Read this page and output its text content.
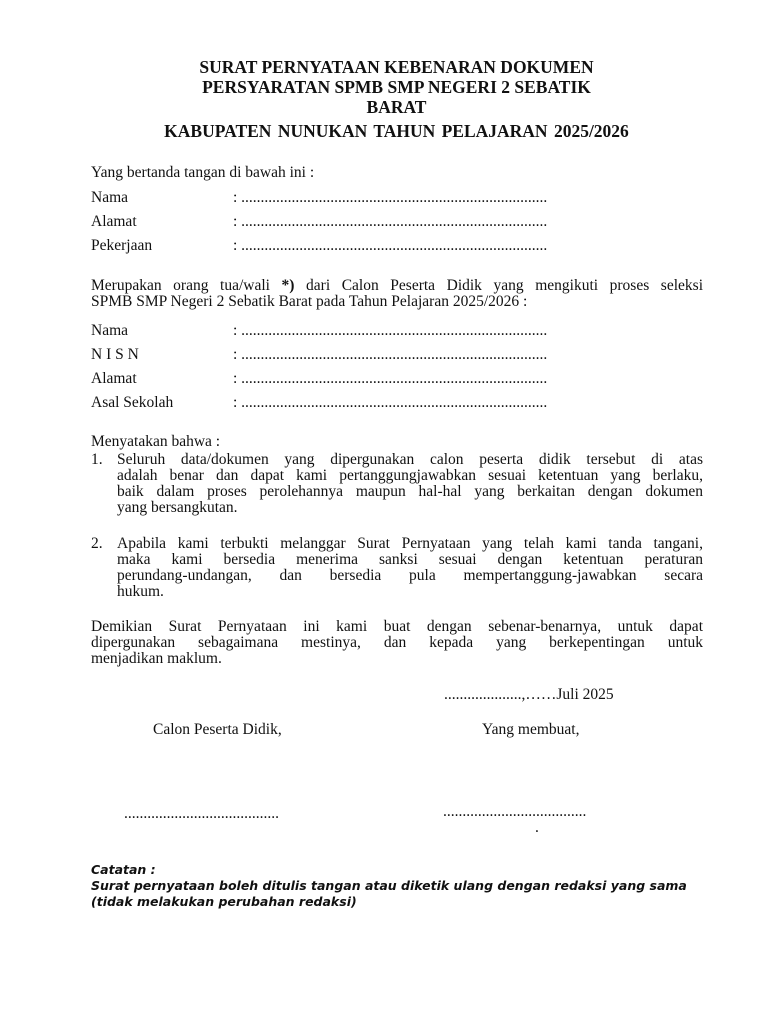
SURAT PERNYATAAN KEBENARAN DOKUMEN
PERSYARATAN SPMB SMP NEGERI 2 SEBATIK
BARAT
KABUPATEN NUNUKAN TAHUN PELAJARAN 2025/2026
Yang bertanda tangan di bawah ini :
Nama	: ...............................................................................
Alamat	: ...............................................................................
Pekerjaan	: ...............................................................................
Merupakan orang tua/wali *) dari Calon Peserta Didik yang mengikuti proses seleksi
SPMB SMP Negeri 2 Sebatik Barat pada Tahun Pelajaran 2025/2026 :
Nama	: ...............................................................................
N I S N	: ...............................................................................
Alamat	: ...............................................................................
Asal Sekolah	: ...............................................................................
Menyatakan bahwa :
1. Seluruh data/dokumen yang dipergunakan calon peserta didik tersebut di atas
adalah benar dan dapat kami pertanggungjawabkan sesuai ketentuan yang berlaku,
baik dalam proses perolehannya maupun hal-hal yang berkaitan dengan dokumen
yang bersangkutan.
2. Apabila kami terbukti melanggar Surat Pernyataan yang telah kami tanda tangani,
maka kami bersedia menerima sanksi sesuai dengan ketentuan peraturan
perundang-undangan, dan bersedia pula mempertanggung-jawabkan secara
hukum.
Demikian Surat Pernyataan ini kami buat dengan sebenar-benarnya, untuk dapat
dipergunakan sebagaimana mestinya, dan kepada yang berkepentingan untuk
menjadikan maklum.
....................,……Juli 2025
Calon Peserta Didik,	Yang membuat,
........................................	.....................................
.
Catatan :
Surat pernyataan boleh ditulis tangan atau diketik ulang dengan redaksi yang sama
(tidak melakukan perubahan redaksi)
